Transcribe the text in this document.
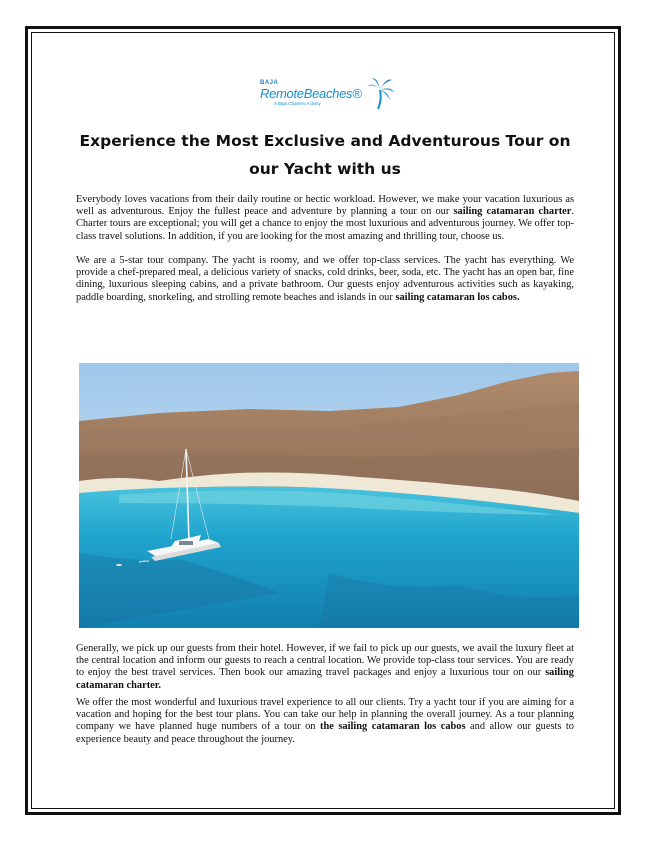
BAJA
RemoteBeaches®
A Baja Charters Activity
Experience the Most Exclusive and Adventurous Tour on our Yacht with us

Everybody loves vacations from their daily routine or hectic workload. However, we make your vacation luxurious as well as adventurous. Enjoy the fullest peace and adventure by planning a tour on our sailing catamaran charter. Charter tours are exceptional; you will get a chance to enjoy the most luxurious and adventurous journey. We offer top-class travel solutions. In addition, if you are looking for the most amazing and thrilling tour, choose us.

We are a 5-star tour company. The yacht is roomy, and we offer top-class services. The yacht has everything. We provide a chef-prepared meal, a delicious variety of snacks, cold drinks, beer, soda, etc. The yacht has an open bar, fine dining, luxurious sleeping cabins, and a private bathroom. Our guests enjoy adventurous activities such as kayaking, paddle boarding, snorkeling, and strolling remote beaches and islands in our sailing catamaran los cabos.

Generally, we pick up our guests from their hotel. However, if we fail to pick up our guests, we avail the luxury fleet at the central location and inform our guests to reach a central location. We provide top-class tour services. You are ready to enjoy the best travel services. Then book our amazing travel packages and enjoy a luxurious tour on our sailing catamaran charter.

We offer the most wonderful and luxurious travel experience to all our clients. Try a yacht tour if you are aiming for a vacation and hoping for the best tour plans. You can take our help in planning the overall journey. As a tour planning company we have planned huge numbers of a tour on the sailing catamaran los cabos and allow our guests to experience beauty and peace throughout the journey.
